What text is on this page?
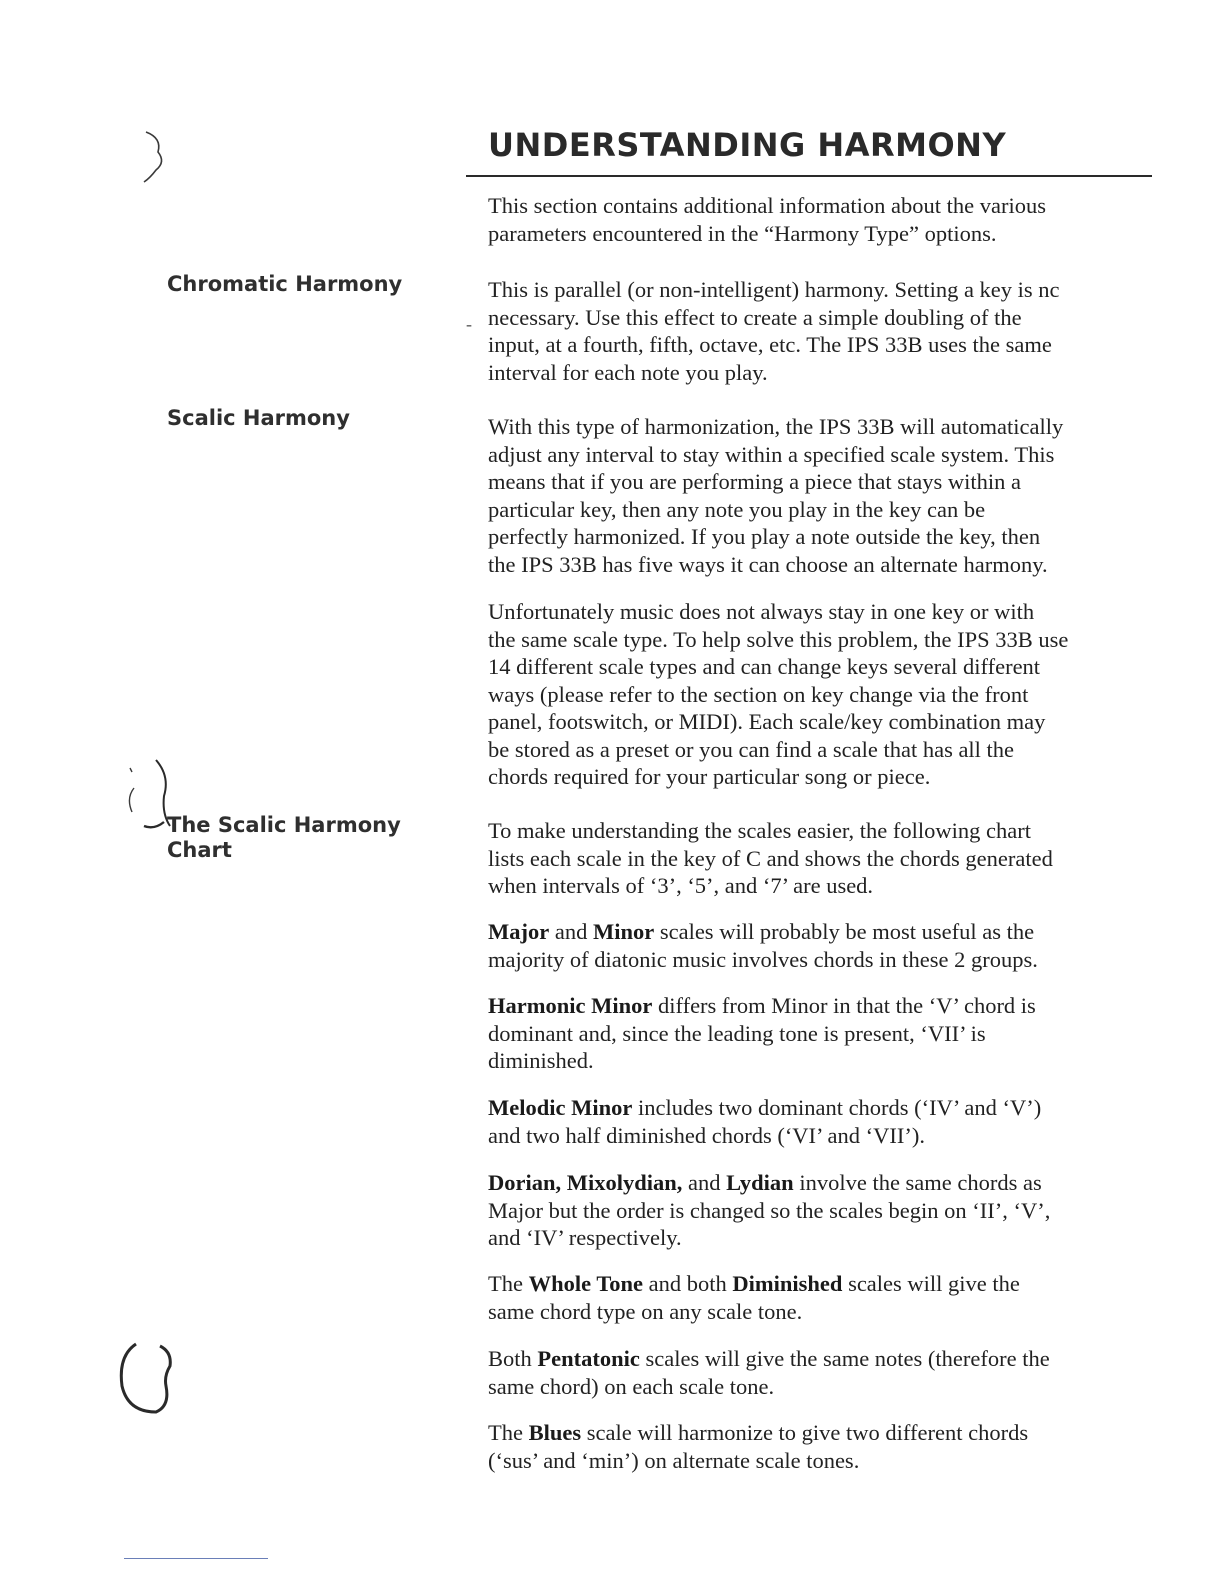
UNDERSTANDING HARMONY
Chromatic Harmony
Scalic Harmony
The Scalic Harmony
Chart
This section contains additional information about the various
parameters encountered in the “Harmony Type” options.
-
This is parallel (or non-intelligent) harmony. Setting a key is nc
necessary. Use this effect to create a simple doubling of the
input, at a fourth, fifth, octave, etc. The IPS 33B uses the same
interval for each note you play.
With this type of harmonization, the IPS 33B will automatically
adjust any interval to stay within a specified scale system. This
means that if you are performing a piece that stays within a
particular key, then any note you play in the key can be
perfectly harmonized. If you play a note outside the key, then
the IPS 33B has five ways it can choose an alternate harmony.
Unfortunately music does not always stay in one key or with
the same scale type. To help solve this problem, the IPS 33B use
14 different scale types and can change keys several different
ways (please refer to the section on key change via the front
panel, footswitch, or MIDI). Each scale/key combination may
be stored as a preset or you can find a scale that has all the
chords required for your particular song or piece.
To make understanding the scales easier, the following chart
lists each scale in the key of C and shows the chords generated
when intervals of ‘3’, ‘5’, and ‘7’ are used.
Major and Minor scales will probably be most useful as the
majority of diatonic music involves chords in these 2 groups.
Harmonic Minor differs from Minor in that the ‘V’ chord is
dominant and, since the leading tone is present, ‘VII’ is
diminished.
Melodic Minor includes two dominant chords (‘IV’ and ‘V’)
and two half diminished chords (‘VI’ and ‘VII’).
Dorian, Mixolydian, and Lydian involve the same chords as
Major but the order is changed so the scales begin on ‘II’, ‘V’,
and ‘IV’ respectively.
The Whole Tone and both Diminished scales will give the
same chord type on any scale tone.
Both Pentatonic scales will give the same notes (therefore the
same chord) on each scale tone.
The Blues scale will harmonize to give two different chords
(‘sus’ and ‘min’) on alternate scale tones.
